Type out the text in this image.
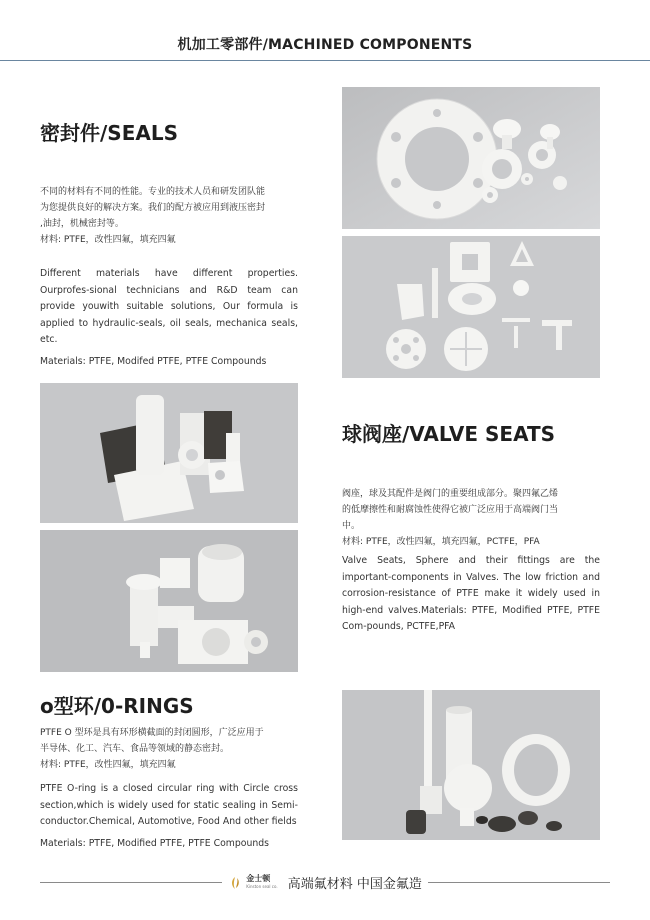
机加工零部件/MACHINED COMPONENTS
密封件/SEALS

不同的材料有不同的性能。专业的技术人员和研发团队能

为您提供良好的解决方案。我们的配方被应用到液压密封

,油封，机械密封等。

材料: PTFE，改性四氟，填充四氟

Different materials have different properties. Ourprofes-sional technicians and R&D team can provide youwith suitable solutions, Our formula is applied to hydraulic-seals, oil seals, mechanica seals, etc.

Materials: PTFE, Modifed PTFE, PTFE Compounds

球阀座/VALVE SEATS

阀座，球及其配件是阀门的重要组成部分。聚四氟乙烯

的低摩擦性和耐腐蚀性使得它被广泛应用于高端阀门当

中。

材料: PTFE，改性四氟，填充四氟，PCTFE，PFA

Valve Seats, Sphere and their fittings are the important-components in Valves. The low friction and corrosion-resistance of PTFE make it widely used in high-end valves.Materials: PTFE, Modified PTFE, PTFE Com-pounds, PCTFE,PFA

o型环/0-RINGS

PTFE O 型环是具有环形横截面的封闭圆形，广泛应用于

半导体、化工、汽车、食品等领域的静态密封。

材料: PTFE，改性四氟，填充四氟

PTFE O-ring is a closed circular ring with Circle cross section,which is widely used for static sealing in Semi-conductor.Chemical, Automotive, Food And other fields

Materials: PTFE, Modified PTFE, PTFE Compounds

金士顿
Kinston seal co. 高端氟材料 中国金氟造
